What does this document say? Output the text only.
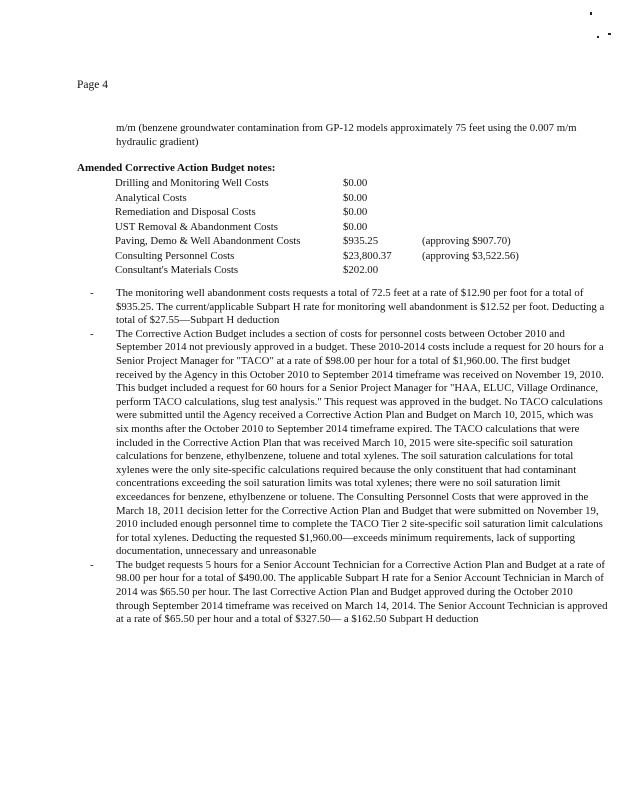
Page 4
m/m (benzene groundwater contamination from GP-12 models approximately 75 feet using the 0.007 m/m hydraulic gradient)
Amended Corrective Action Budget notes:
Drilling and Monitoring Well Costs	$0.00	
Analytical Costs	$0.00	
Remediation and Disposal Costs	$0.00	
UST Removal & Abandonment Costs	$0.00	
Paving, Demo & Well Abandonment Costs	$935.25	(approving $907.70)
Consulting Personnel Costs	$23,800.37	(approving $3,522.56)
Consultant's Materials Costs	$202.00	
- The monitoring well abandonment costs requests a total of 72.5 feet at a rate of $12.90 per foot for a total of $935.25. The current/applicable Subpart H rate for monitoring well abandonment is $12.52 per foot. Deducting a total of $27.55—Subpart H deduction
- The Corrective Action Budget includes a section of costs for personnel costs between October 2010 and September 2014 not previously approved in a budget. These 2010-2014 costs include a request for 20 hours for a Senior Project Manager for "TACO" at a rate of $98.00 per hour for a total of $1,960.00. The first budget received by the Agency in this October 2010 to September 2014 timeframe was received on November 19, 2010. This budget included a request for 60 hours for a Senior Project Manager for "HAA, ELUC, Village Ordinance, perform TACO calculations, slug test analysis." This request was approved in the budget. No TACO calculations were submitted until the Agency received a Corrective Action Plan and Budget on March 10, 2015, which was six months after the October 2010 to September 2014 timeframe expired. The TACO calculations that were included in the Corrective Action Plan that was received March 10, 2015 were site-specific soil saturation calculations for benzene, ethylbenzene, toluene and total xylenes. The soil saturation calculations for total xylenes were the only site-specific calculations required because the only constituent that had contaminant concentrations exceeding the soil saturation limits was total xylenes; there were no soil saturation limit exceedances for benzene, ethylbenzene or toluene. The Consulting Personnel Costs that were approved in the March 18, 2011 decision letter for the Corrective Action Plan and Budget that were submitted on November 19, 2010 included enough personnel time to complete the TACO Tier 2 site-specific soil saturation limit calculations for total xylenes. Deducting the requested $1,960.00—exceeds minimum requirements, lack of supporting documentation, unnecessary and unreasonable
- The budget requests 5 hours for a Senior Account Technician for a Corrective Action Plan and Budget at a rate of 98.00 per hour for a total of $490.00. The applicable Subpart H rate for a Senior Account Technician in March of 2014 was $65.50 per hour. The last Corrective Action Plan and Budget approved during the October 2010 through September 2014 timeframe was received on March 14, 2014. The Senior Account Technician is approved at a rate of $65.50 per hour and a total of $327.50— a $162.50 Subpart H deduction
